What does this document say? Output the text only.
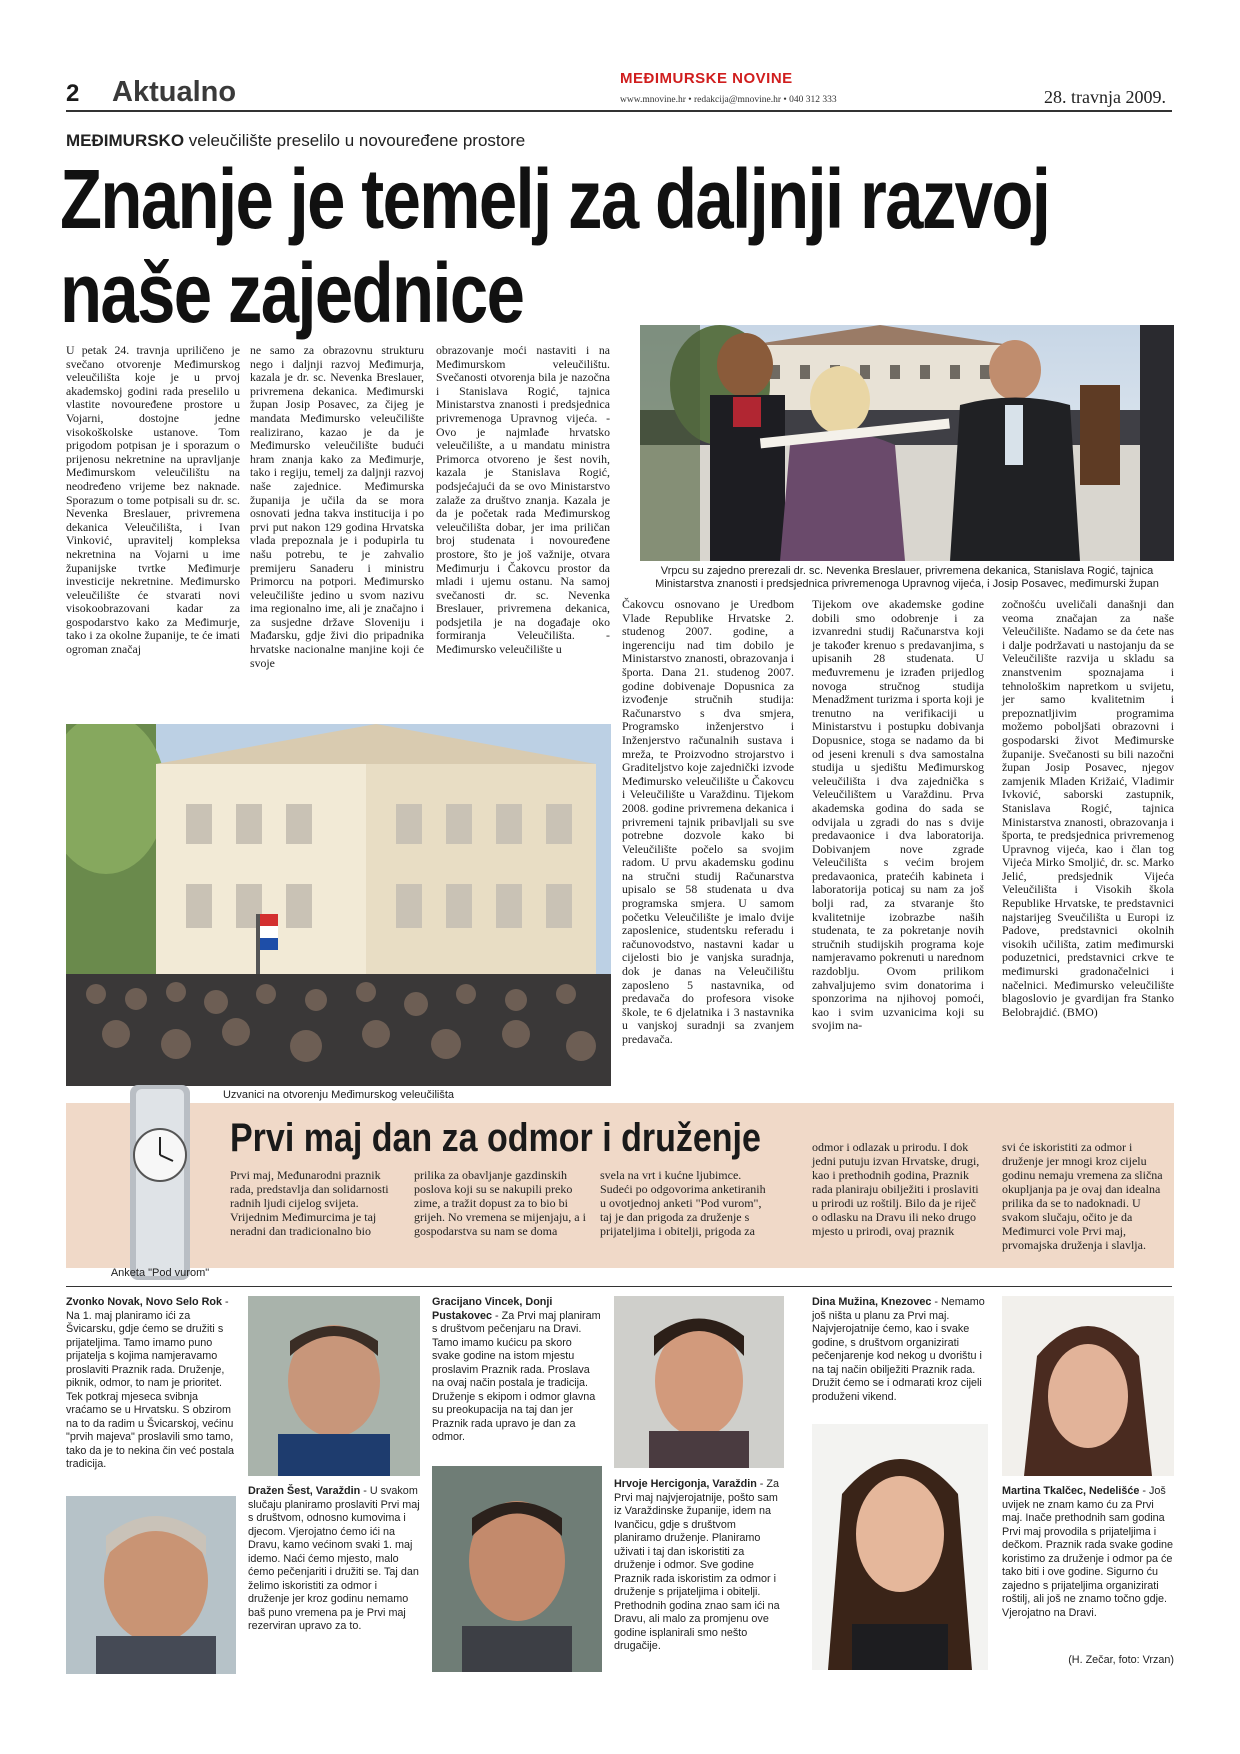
2 Aktualno	MEĐIMURSKE NOVINE
www.mnovine.hr • redakcija@mnovine.hr • 040 312 333	28. travnja 2009.
MEĐIMURSKO veleučilište preselilo u novouređene prostore
Znanje je temelj za daljnji razvoj
naše zajednice
Vrpcu su zajedno prerezali dr. sc. Nevenka Breslauer, privremena dekanica, Stanislava Rogić, tajnica Ministarstva znanosti i predsjednica privremenoga Upravnog vijeća, i Josip Posavec, međimurski župan
U petak 24. travnja upriličeno je svečano otvorenje Međimurskog veleučilišta koje je u prvoj akademskoj godini rada preselilo u vlastite novouređene prostore u Vojarni, dostojne jedne visokoškolske ustanove. Tom prigodom potpisan je i sporazum o prijenosu nekretnine na upravljanje Međimurskom veleučilištu na neodređeno vrijeme bez naknade. Sporazum o tome potpisali su dr. sc. Nevenka Breslauer, privremena dekanica Veleučilišta, i Ivan Vinković, upravitelj kompleksa nekretnina na Vojarni u ime županijske tvrtke Međimurje investicije nekretnine. Međimursko veleučilište će stvarati novi visokoobrazovani kadar za gospodarstvo kako za Međimurje, tako i za okolne županije, te će imati ogroman značaj
ne samo za obrazovnu strukturu nego i daljnji razvoj Međimurja, kazala je dr. sc. Nevenka Breslauer, privremena dekanica. Međimurski župan Josip Posavec, za čijeg je mandata Međimursko veleučilište realizirano, kazao je da je Međimursko veleučilište budući hram znanja kako za Međimurje, tako i regiju, temelj za daljnji razvoj naše zajednice. Međimurska županija je učila da se mora osnovati jedna takva institucija i po prvi put nakon 129 godina Hrvatska vlada prepoznala je i podupirla tu našu potrebu, te je zahvalio premijeru Sanaderu i ministru Primorcu na potpori. Međimursko veleučilište jedino u svom nazivu ima regionalno ime, ali je značajno i za susjedne države Sloveniju i Mađarsku, gdje živi dio pripadnika hrvatske nacionalne manjine koji će svoje
obrazovanje moći nastaviti i na Međimurskom veleučilištu. Svečanosti otvorenja bila je nazočna i Stanislava Rogić, tajnica Ministarstva znanosti i predsjednica privremenoga Upravnog vijeća. - Ovo je najmlađe hrvatsko veleučilište, a u mandatu ministra Primorca otvoreno je šest novih, kazala je Stanislava Rogić, podsjećajući da se ovo Ministarstvo zalaže za društvo znanja. Kazala je da je početak rada Međimurskog veleučilišta dobar, jer ima priličan broj studenata i novouređene prostore, što je još važnije, otvara Međimurju i Čakovcu prostor da mladi i ujemu ostanu. Na samoj svečanosti dr. sc. Nevenka Breslauer, privremena dekanica, podsjetila je na događaje oko formiranja Veleučilišta. - Međimursko veleučilište u
Uzvanici na otvorenju Međimurskog veleučilišta
Čakovcu osnovano je Uredbom Vlade Republike Hrvatske 2. studenog 2007. godine, a ingerenciju nad tim dobilo je Ministarstvo znanosti, obrazovanja i športa. Dana 21. studenog 2007. godine dobivenaje Dopusnica za izvođenje stručnih studija: Računarstvo s dva smjera, Programsko inženjerstvo i Inženjerstvo računalnih sustava i mreža, te Proizvodno strojarstvo i Graditeljstvo koje zajednički izvode Međimursko veleučilište u Čakovcu i Veleučilište u Varaždinu. Tijekom 2008. godine privremena dekanica i privremeni tajnik pribavljali su sve potrebne dozvole kako bi Veleučilište počelo sa svojim radom. U prvu akademsku godinu na stručni studij Računarstva upisalo se 58 studenata u dva programska smjera. U samom početku Veleučilište je imalo dvije zaposlenice, studentsku referadu i računovodstvo, nastavni kadar u cijelosti bio je vanjska suradnja, dok je danas na Veleučilištu zaposleno 5 nastavnika, od predavača do profesora visoke škole, te 6 djelatnika i 3 nastavnika u vanjskoj suradnji sa zvanjem predavača.
Tijekom ove akademske godine dobili smo odobrenje i za izvanredni studij Računarstva koji je također krenuo s predavanjima, s upisanih 28 studenata. U međuvremenu je izrađen prijedlog novoga stručnog studija Menadžment turizma i sporta koji je trenutno na verifikaciji u Ministarstvu i postupku dobivanja Dopusnice, stoga se nadamo da bi od jeseni krenuli s dva samostalna studija u sjedištu Međimurskog veleučilišta i dva zajednička s Veleučilištem u Varaždinu. Prva akademska godina do sada se odvijala u zgradi do nas s dvije predavaonice i dva laboratorija. Dobivanjem nove zgrade Veleučilišta s većim brojem predavaonica, pratećih kabineta i laboratorija poticaj su nam za još bolji rad, za stvaranje što kvalitetnije izobrazbe naših studenata, te za pokretanje novih stručnih studijskih programa koje namjeravamo pokrenuti u narednom razdoblju. Ovom prilikom zahvaljujemo svim donatorima i sponzorima na njihovoj pomoći, kao i svim uzvanicima koji su svojim na-
zočnošću uveličali današnji dan veoma značajan za naše Veleučilište. Nadamo se da ćete nas i dalje podržavati u nastojanju da se Veleučilište razvija u skladu sa znanstvenim spoznajama i tehnološkim napretkom u svijetu, jer samo kvalitetnim i prepoznatljivim programima možemo poboljšati obrazovni i gospodarski život Međimurske županije. Svečanosti su bili nazočni župan Josip Posavec, njegov zamjenik Mladen Križaić, Vladimir Ivković, saborski zastupnik, Stanislava Rogić, tajnica Ministarstva znanosti, obrazovanja i športa, te predsjednica privremenog Upravnog vijeća, kao i član tog Vijeća Mirko Smoljić, dr. sc. Marko Jelić, predsjednik Vijeća Veleučilišta i Visokih škola Republike Hrvatske, te predstavnici najstarijeg Sveučilišta u Europi iz Padove, predstavnici okolnih visokih učilišta, zatim međimurski poduzetnici, predstavnici crkve te međimurski gradonačelnici i načelnici. Međimursko veleučilište blagoslovio je gvardijan fra Stanko Belobrajdić. (BMO)
Anketa "Pod vurom"
Prvi maj dan za odmor i druženje
Prvi maj, Međunarodni praznik rada, predstavlja dan solidarnosti radnih ljudi cijelog svijeta. Vrijednim Međimurcima je taj neradni dan tradicionalno bio
prilika za obavljanje gazdinskih poslova koji su se nakupili preko zime, a tražit dopust za to bio bi grijeh. No vremena se mijenjaju, a i gospodarstva su nam se doma
svela na vrt i kućne ljubimce. Sudeći po odgovorima anketiranih u ovotjednoj anketi "Pod vurom", taj je dan prigoda za druženje s prijateljima i obitelji, prigoda za
odmor i odlazak u prirodu. I dok jedni putuju izvan Hrvatske, drugi, kao i prethodnih godina, Praznik rada planiraju obilježiti i proslaviti u prirodi uz roštilj. Bilo da je riječ o odlasku na Dravu ili neko drugo mjesto u prirodi, ovaj praznik
svi će iskoristiti za odmor i druženje jer mnogi kroz cijelu godinu nemaju vremena za slična okupljanja pa je ovaj dan idealna prilika da se to nadoknadi. U svakom slučaju, očito je da Međimurci vole Prvi maj, prvomajska druženja i slavlja.
Zvonko Novak, Novo Selo Rok - Na 1. maj planiramo ići za Švicarsku, gdje ćemo se družiti s prijateljima. Tamo imamo puno prijatelja s kojima namjeravamo proslaviti Praznik rada. Druženje, piknik, odmor, to nam je prioritet. Tek potkraj mjeseca svibnja vraćamo se u Hrvatsku. S obzirom na to da radim u Švicarskoj, većinu "prvih majeva" proslavili smo tamo, tako da je to nekina čin već postala tradicija.
Dražen Šest, Varaždin - U svakom slučaju planiramo proslaviti Prvi maj s društvom, odnosno kumovima i djecom. Vjerojatno ćemo ići na Dravu, kamo većinom svaki 1. maj idemo. Naći ćemo mjesto, malo ćemo pečenjariti i družiti se. Taj dan želimo iskoristiti za odmor i druženje jer kroz godinu nemamo baš puno vremena pa je Prvi maj rezerviran upravo za to.
Gracijano Vincek, Donji Pustakovec - Za Prvi maj planiram s društvom pečenjaru na Dravi. Tamo imamo kućicu pa skoro svake godine na istom mjestu proslavim Praznik rada. Proslava na ovaj način postala je tradicija. Druženje s ekipom i odmor glavna su preokupacija na taj dan jer Praznik rada upravo je dan za odmor.
Hrvoje Hercigonja, Varaždin - Za Prvi maj najvjerojatnije, pošto sam iz Varaždinske županije, idem na Ivančicu, gdje s društvom planiramo druženje. Planiramo uživati i taj dan iskoristiti za druženje i odmor. Sve godine Praznik rada iskoristim za odmor i druženje s prijateljima i obitelji. Prethodnih godina znao sam ići na Dravu, ali malo za promjenu ove godine isplanirali smo nešto drugačije.
Dina Mužina, Knezovec - Nemamo još ništa u planu za Prvi maj. Najvjerojatnije ćemo, kao i svake godine, s društvom organizirati pečenjarenje kod nekog u dvorištu i na taj način obilježiti Praznik rada. Družit ćemo se i odmarati kroz cijeli produženi vikend.
Martina Tkalčec, Nedelišće - Još uvijek ne znam kamo ću za Prvi maj. Inače prethodnih sam godina Prvi maj provodila s prijateljima i dečkom. Praznik rada svake godine koristimo za druženje i odmor pa će tako biti i ove godine. Sigurno ću zajedno s prijateljima organizirati roštilj, ali još ne znamo točno gdje. Vjerojatno na Dravi.
(H. Zečar, foto: Vrzan)
